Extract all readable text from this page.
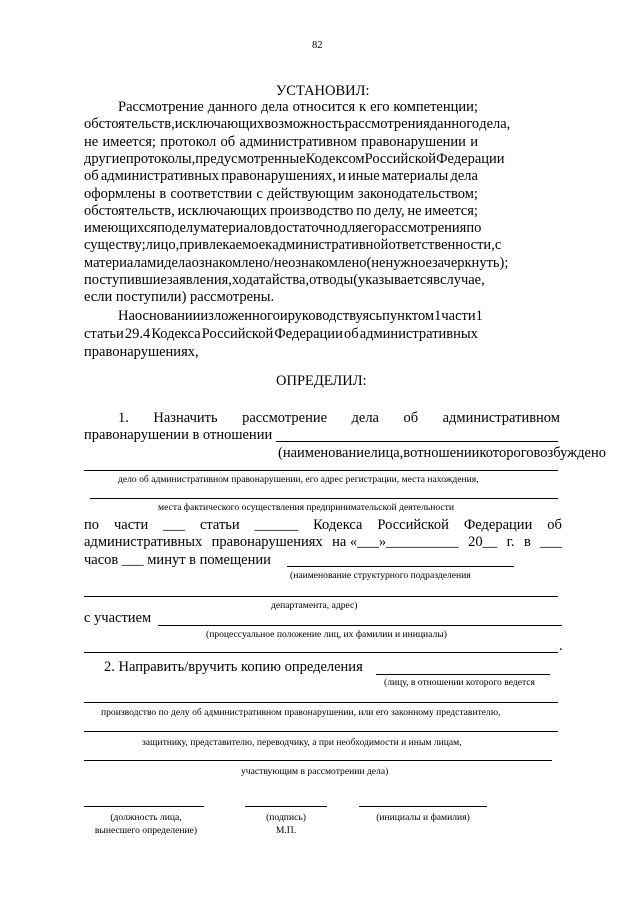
82
УСТАНОВИЛ:
Рассмотрение данного дела относится к его компетенции;
обстоятельств, исключающих возможность рассмотрения данного дела,
не имеется; протокол об административном правонарушении и
другие протоколы, предусмотренные Кодексом Российской Федерации
об административных правонарушениях, и иные материалы дела
оформлены в соответствии с действующим законодательством;
обстоятельств, исключающих производство по делу, не имеется;
имеющихся по делу материалов достаточно для его рассмотрения по
существу; лицо, привлекаемое к административной ответственности, с
материалами дела ознакомлено/не ознакомлено (ненужное зачеркнуть);
поступившие заявления, ходатайства, отводы (указывается в случае,
если поступили) рассмотрены.
На основании изложенного и руководствуясь пунктом 1 части 1
статьи 29.4 Кодекса Российской Федерации об административных
правонарушениях,
ОПРЕДЕЛИЛ:
1. Назначить рассмотрение дела об административном
правонарушении в отношении
(наименование лица, в отношении которого возбуждено
дело об административном правонарушении, его адрес регистрации, места нахождения,
места фактического осуществления предпринимательской деятельности
по части ___ статьи ______ Кодекса Российской Федерации об
административных правонарушениях на «___»__________ 20__ г. в ___
часов ___ минут в помещении
(наименование структурного подразделения
департамента, адрес)
с участием
(процессуальное положение лиц, их фамилии и инициалы)
.
2. Направить/вручить копию определения
(лицу, в отношении которого ведется
производство по делу об административном правонарушении, или его законному представителю,
защитнику, представителю, переводчику, а при необходимости и иным лицам,
участвующим в рассмотрении дела)
(должность лица,
вынесшего определение)
(подпись)
М.П.
(инициалы и фамилия)
